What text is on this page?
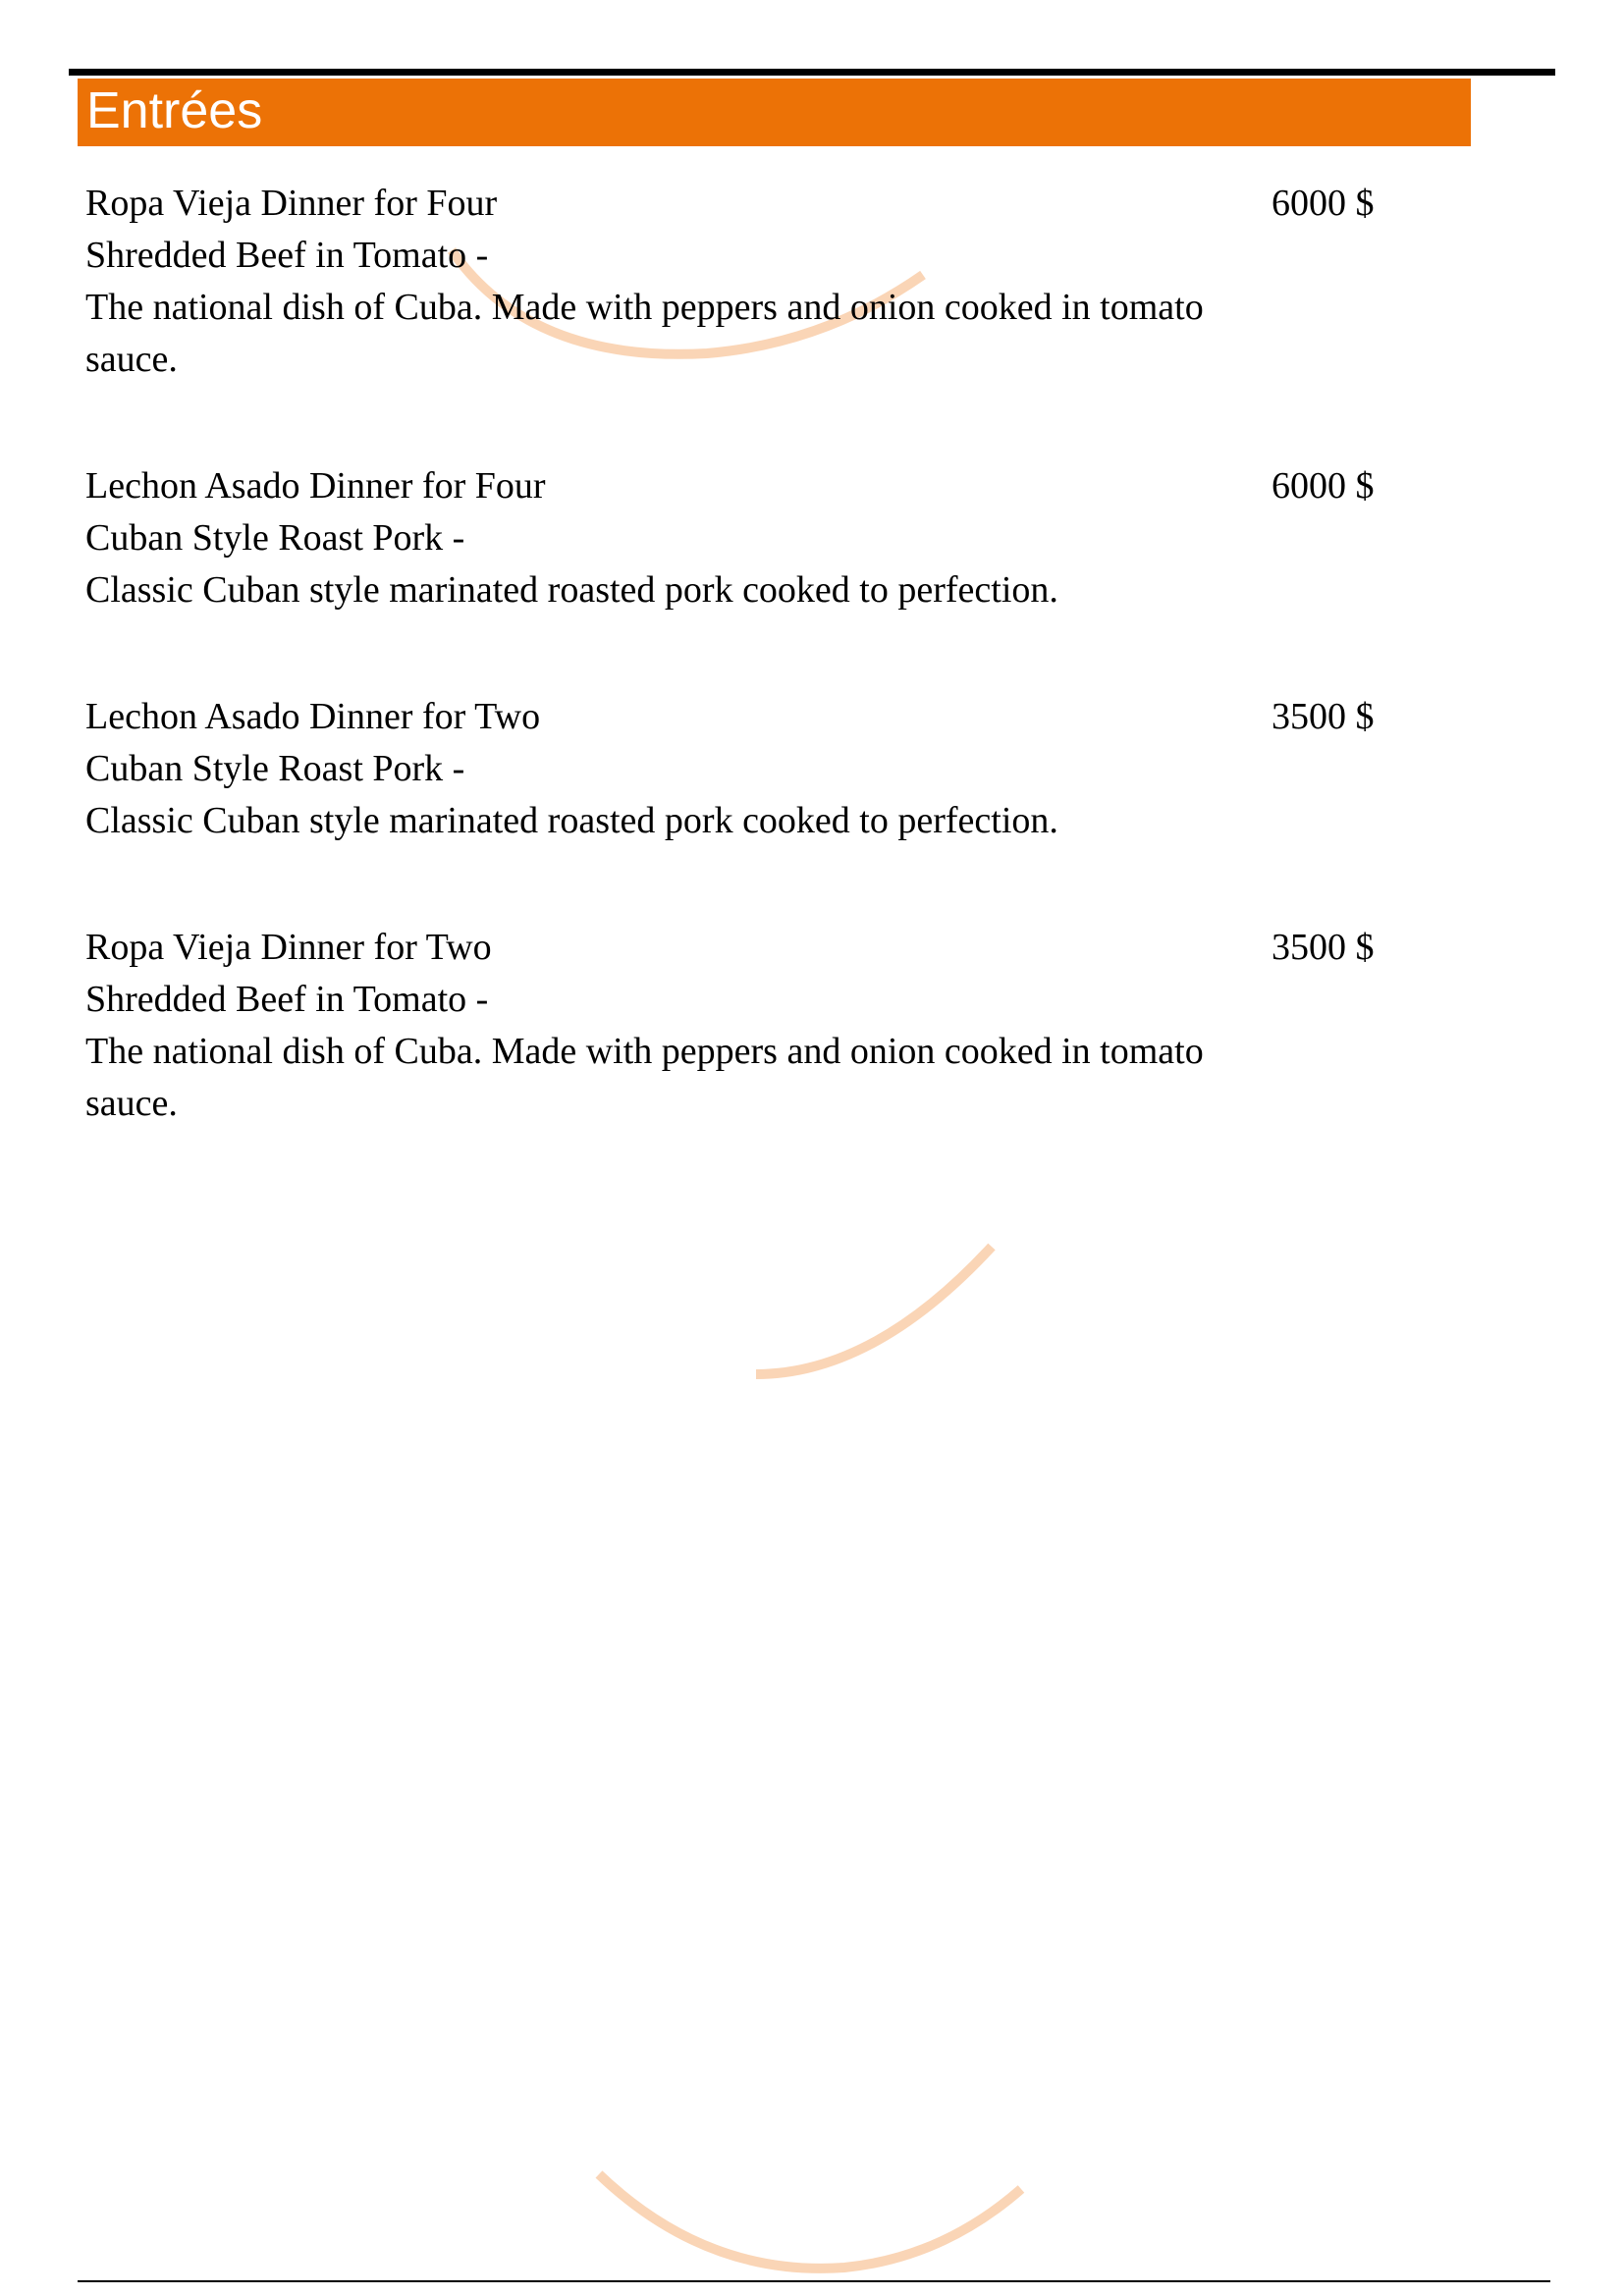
Entrées
Ropa Vieja Dinner for Four
Shredded Beef in Tomato -
The national dish of Cuba. Made with peppers and onion cooked in tomato sauce.
6000 $
Lechon Asado Dinner for Four
Cuban Style Roast Pork -
Classic Cuban style marinated roasted pork cooked to perfection.
6000 $
Lechon Asado Dinner for Two
Cuban Style Roast Pork -
Classic Cuban style marinated roasted pork cooked to perfection.
3500 $
Ropa Vieja Dinner for Two
Shredded Beef in Tomato -
The national dish of Cuba. Made with peppers and onion cooked in tomato sauce.
3500 $
